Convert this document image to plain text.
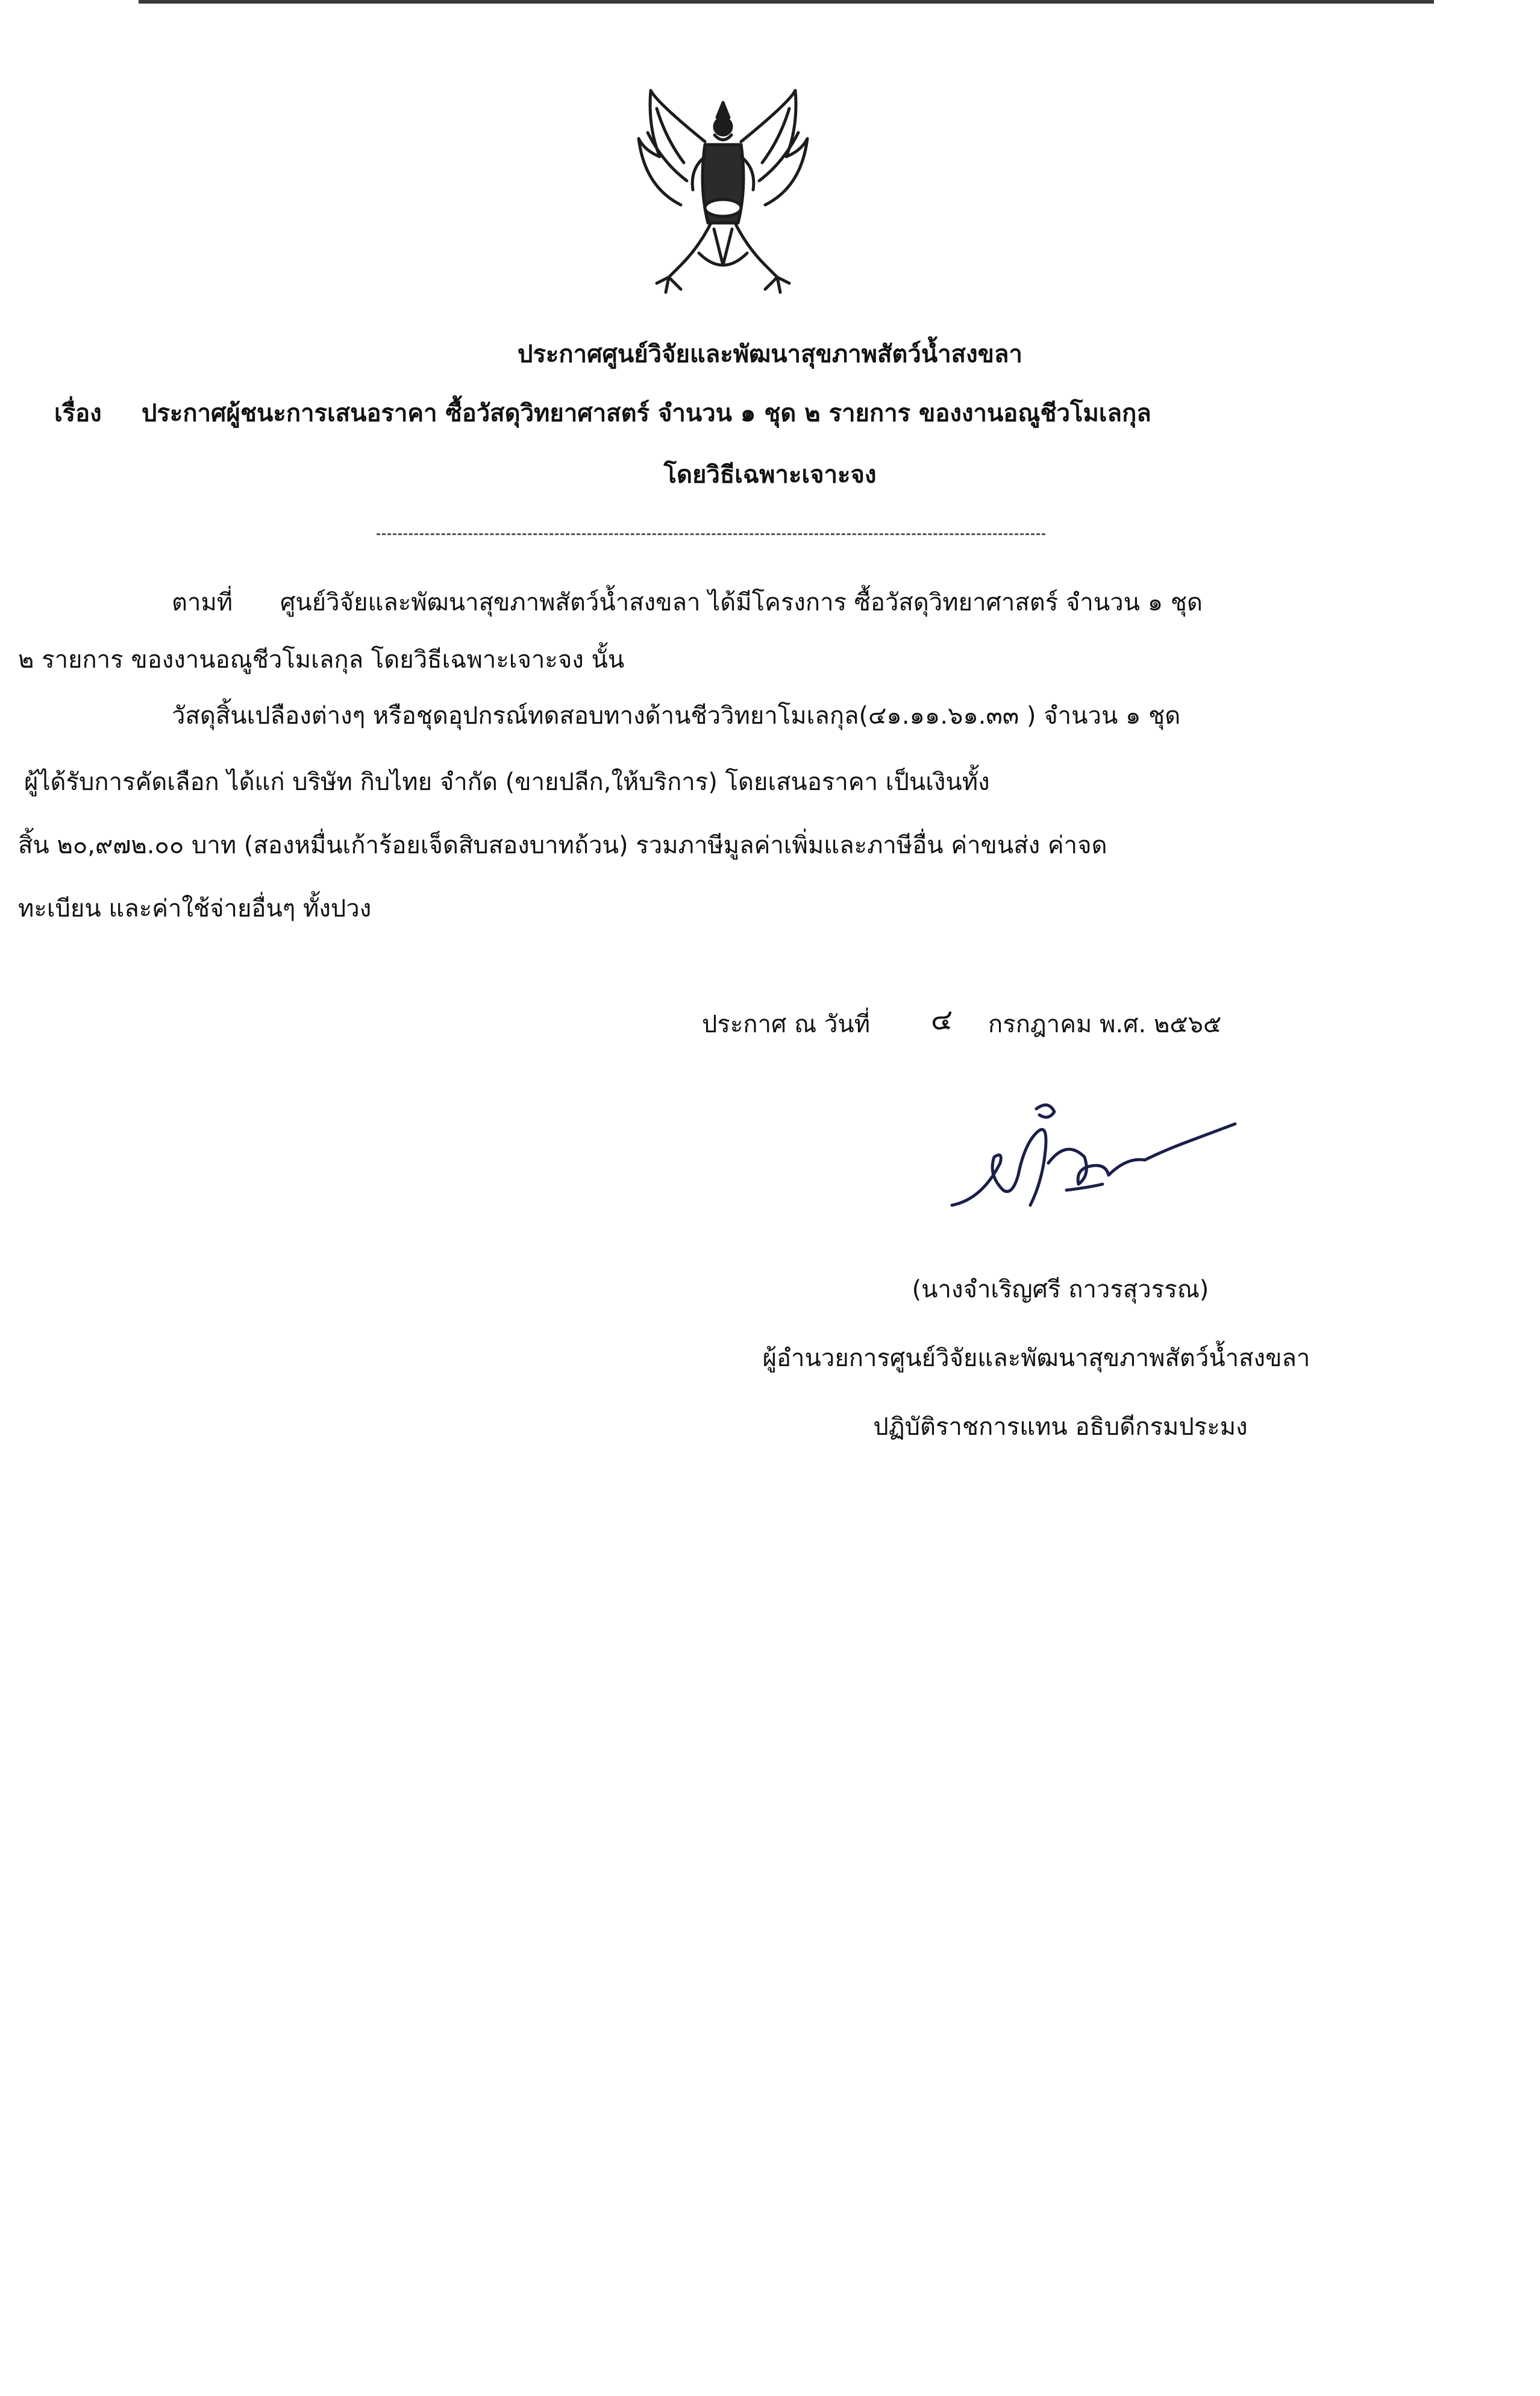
ประกาศศูนย์วิจัยและพัฒนาสุขภาพสัตว์น้ำสงขลา
เรื่อง ประกาศผู้ชนะการเสนอราคา ซื้อวัสดุวิทยาศาสตร์ จำนวน ๑ ชุด ๒ รายการ ของงานอณูชีวโมเลกุล
โดยวิธีเฉพาะเจาะจง
ตามที่ ศูนย์วิจัยและพัฒนาสุขภาพสัตว์น้ำสงขลา ได้มีโครงการ ซื้อวัสดุวิทยาศาสตร์ จำนวน ๑ ชุด
๒ รายการ ของงานอณูชีวโมเลกุล โดยวิธีเฉพาะเจาะจง นั้น
วัสดุสิ้นเปลืองต่างๆ หรือชุดอุปกรณ์ทดสอบทางด้านชีววิทยาโมเลกุล(๔๑.๑๑.๖๑.๓๓ ) จำนวน ๑ ชุด
ผู้ได้รับการคัดเลือก ได้แก่ บริษัท กิบไทย จำกัด (ขายปลีก,ให้บริการ) โดยเสนอราคา เป็นเงินทั้ง
สิ้น ๒๐,๙๗๒.๐๐ บาท (สองหมื่นเก้าร้อยเจ็ดสิบสองบาทถ้วน) รวมภาษีมูลค่าเพิ่มและภาษีอื่น ค่าขนส่ง ค่าจด
ทะเบียน และค่าใช้จ่ายอื่นๆ ทั้งปวง
ประกาศ ณ วันที่ ๔ กรกฎาคม พ.ศ. ๒๕๖๕
(นางจำเริญศรี ถาวรสุวรรณ)
ผู้อำนวยการศูนย์วิจัยและพัฒนาสุขภาพสัตว์น้ำสงขลา
ปฏิบัติราชการแทน อธิบดีกรมประมง
